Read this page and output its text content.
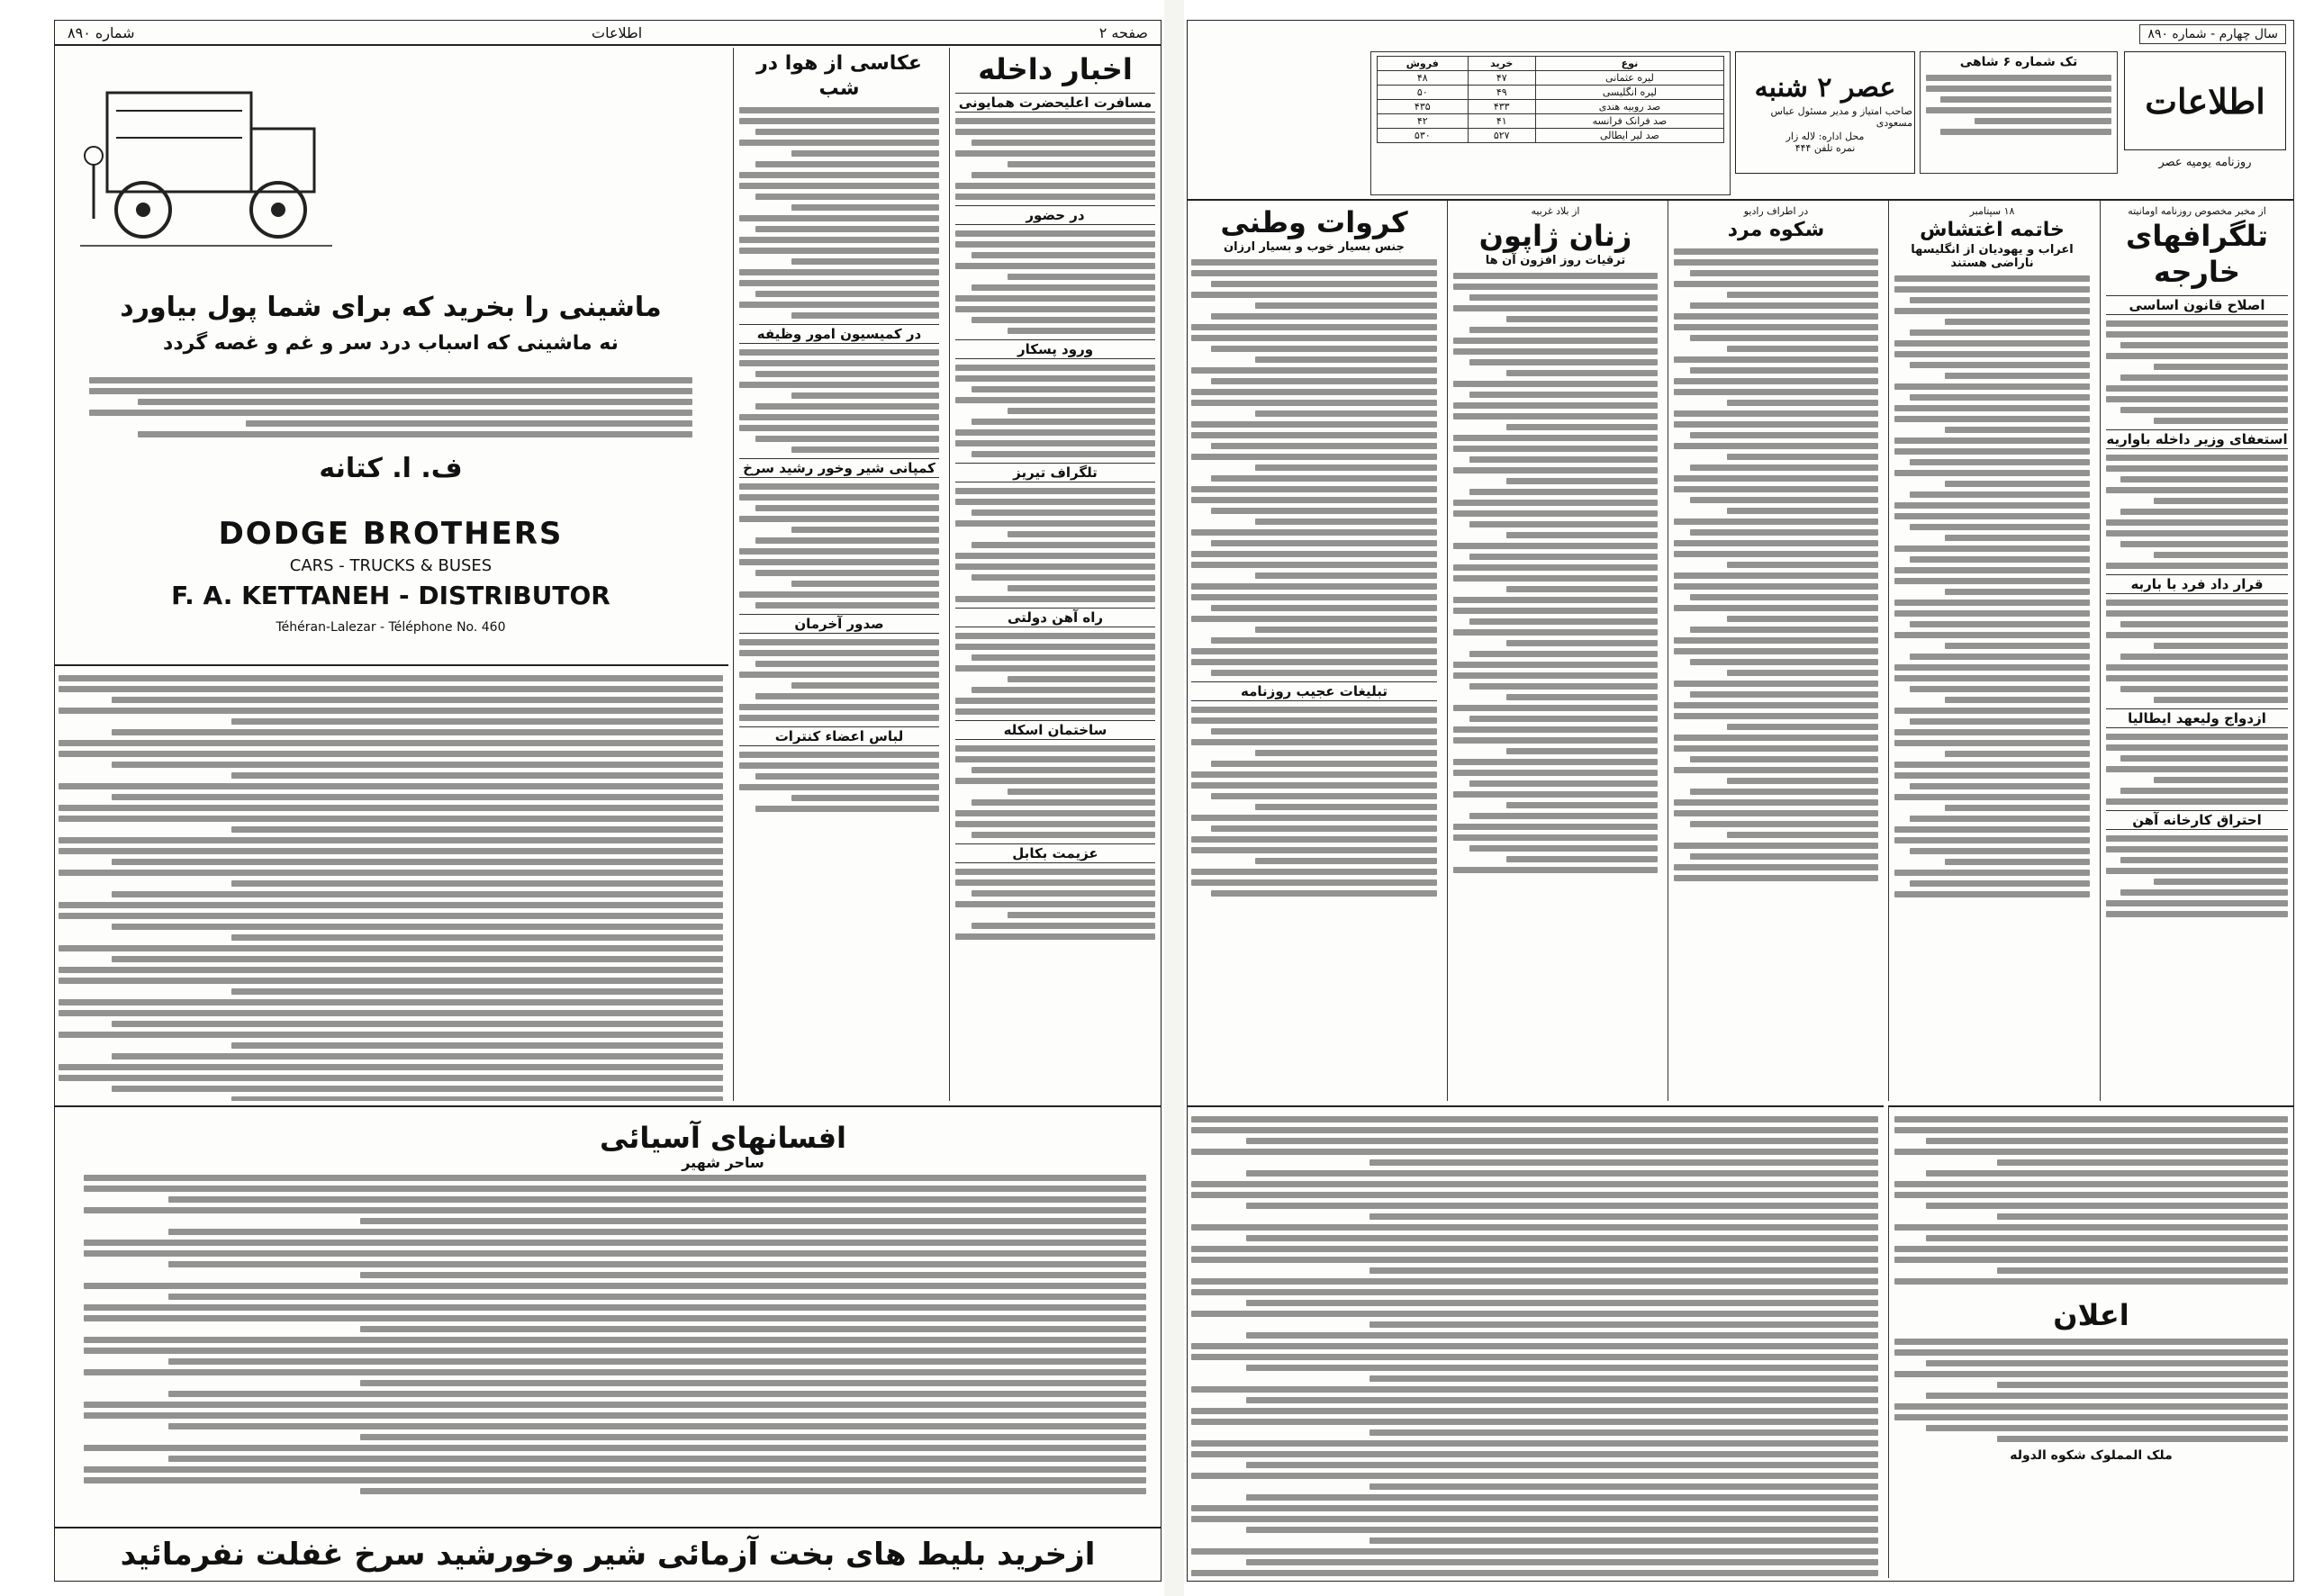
صفحه ۲
اطلاعات
شماره ۸۹۰
اخبار داخله
مسافرت اعلیحضرت همایونی
در حضور
ورود پسکار
تلگراف تیریز
راه آهن دولتی
ساختمان اسکله
عزیمت بکابل
عکاسی از هوا در شب
در کمیسیون امور وظیفه
کمپانی شیر وخور رشید سرخ
صدور آخرمان
لباس اعضاء کنترات
ماشینی را بخرید که برای شما پول بیاورد
نه ماشینی که اسباب درد سر و غم و غصه گردد
ف. ا. کتانه
DODGE BROTHERS
CARS - TRUCKS & BUSES
F. A. KETTANEH - DISTRIBUTOR
Téhéran-Lalezar - Téléphone No. 460
افسانهای آسیائی
ساحر شهیر
ازخرید بلیط های بخت آزمائی شیر وخورشید سرخ غفلت نفرمائید
سال چهارم - شماره ۸۹۰
اطلاعات
روزنامه یومیه عصر
تک شماره ۶ شاهی
عصر ۲ شنبه
صاحب امتیاز و مدیر مسئول عباس مسعودی
محل اداره: لاله زار
نمره تلفن ۴۴۴
نوع	خرید	فروش
لیره عثمانی	۴۷	۴۸
لیره انگلیسی	۴۹	۵۰
صد روبیه هندی	۴۳۳	۴۳۵
صد فرانک فرانسه	۴۱	۴۲
صد لیر ایطالی	۵۲۷	۵۳۰
از مخبر مخصوص روزنامه اومانیته
تلگرافهای خارجه
اصلاح قانون اساسی
استعفای وزیر داخله باواریه
قرار داد فرد با باربه
ازدواج ولیعهد ایطالیا
احتراق کارخانه آهن
۱۸ سپتامبر
خاتمه اغتشاش
اعراب و یهودیان از انگلیسها ناراضی هستند
در اطراف رادیو
شکوه مرد
از بلاد غربیه
زنان ژاپون
ترقیات روز افزون آن ها
کروات وطنی
جنس بسیار خوب و بسیار ارزان
تبلیغات عجیب روزنامه
اعلان
ملک المملوک شکوه الدوله
